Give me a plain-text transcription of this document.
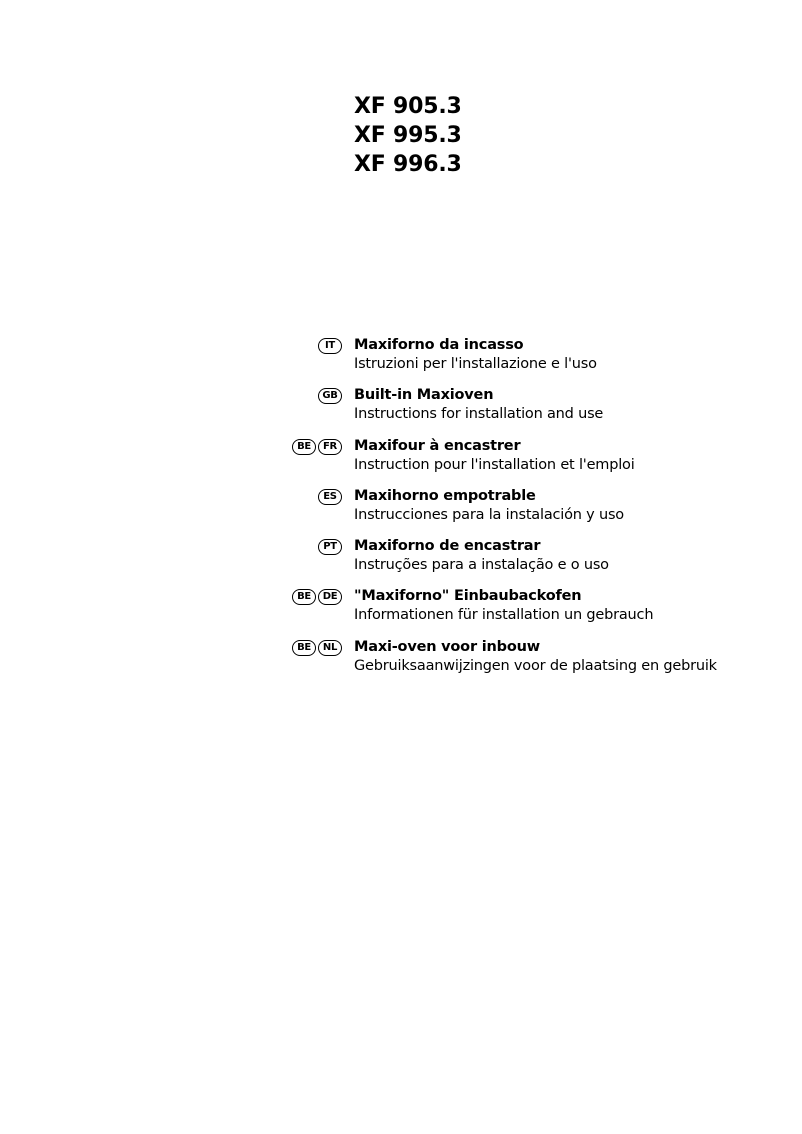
XF 905.3
XF 995.3
XF 996.3
IT	Maxiforno da incasso
Istruzioni per l'installazione e l'uso
GB	Built-in Maxioven
Instructions for installation and use
BE	FR	Maxifour à encastrer
Instruction pour l'installation et l'emploi
ES	Maxihorno empotrable
Instrucciones para la instalación y uso
PT	Maxiforno de encastrar
Instruções para a instalação e o uso
BE	DE	"Maxiforno" Einbaubackofen
Informationen für installation un gebrauch
BE	NL	Maxi-oven voor inbouw
Gebruiksaanwijzingen voor de plaatsing en gebruik
